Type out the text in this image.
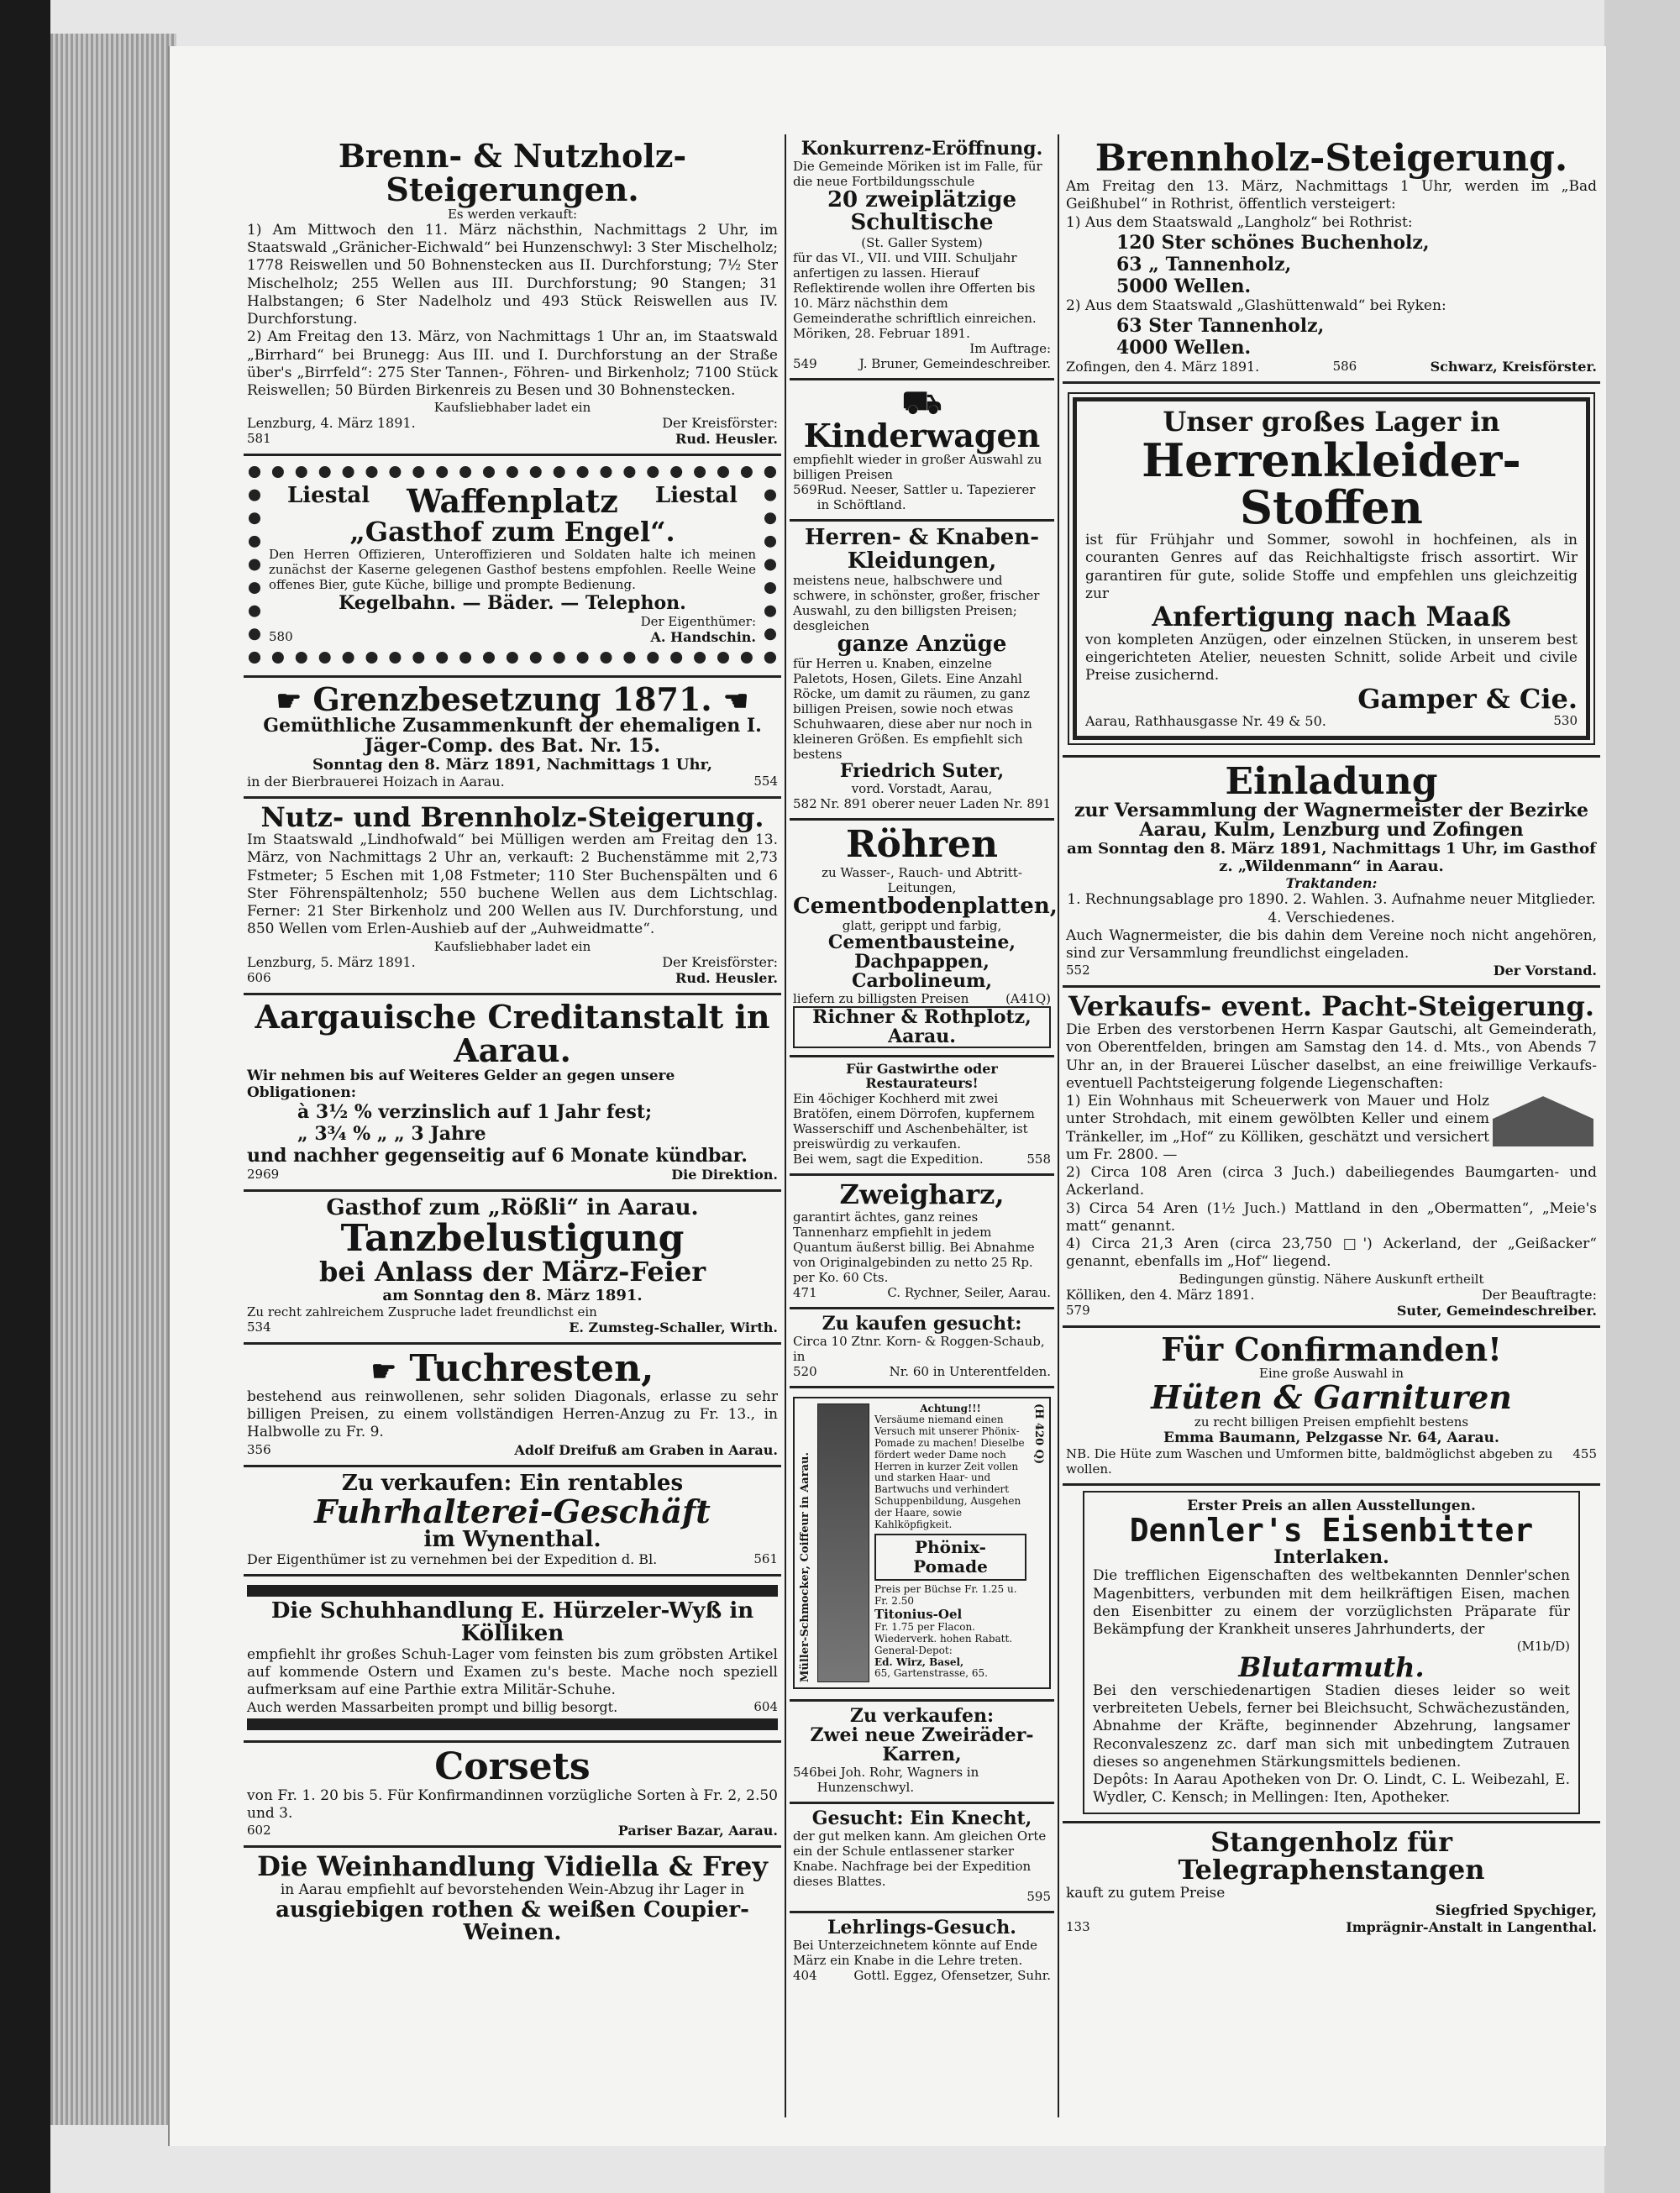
Brenn- & Nutzholz-Steigerungen.
Es werden verkauft:
1) Am Mittwoch den 11. März nächsthin, Nachmittags 2 Uhr, im Staatswald „Gränicher-Eichwald“ bei Hunzenschwyl: 3 Ster Mischelholz; 1778 Reiswellen und 50 Bohnenstecken aus II. Durchforstung; 7½ Ster Mischelholz; 255 Wellen aus III. Durchforstung; 90 Stangen; 31 Halbstangen; 6 Ster Nadelholz und 493 Stück Reiswellen aus IV. Durchforstung.
2) Am Freitag den 13. März, von Nachmittags 1 Uhr an, im Staatswald „Birrhard“ bei Brunegg: Aus III. und I. Durchforstung an der Straße über's „Birrfeld“: 275 Ster Tannen-, Föhren- und Birkenholz; 7100 Stück Reiswellen; 50 Bürden Birkenreis zu Besen und 30 Bohnenstecken.
Kaufsliebhaber ladet ein
Lenzburg, 4. März 1891.	Der Kreisförster:
581	Rud. Heusler.
Liestal Waffenplatz Liestal
„Gasthof zum Engel“.
Den Herren Offizieren, Unteroffizieren und Soldaten halte ich meinen zunächst der Kaserne gelegenen Gasthof bestens empfohlen. Reelle Weine offenes Bier, gute Küche, billige und prompte Bedienung.
Kegelbahn. — Bäder. — Telephon.
Der Eigenthümer:
580	A. Handschin.
☛ Grenzbesetzung 1871. ☚
Gemüthliche Zusammenkunft der ehemaligen I. Jäger-Comp. des Bat. Nr. 15.
Sonntag den 8. März 1891, Nachmittags 1 Uhr,
in der Bierbrauerei Hoizach in Aarau.	554
Nutz- und Brennholz-Steigerung.
Im Staatswald „Lindhofwald“ bei Mülligen werden am Freitag den 13. März, von Nachmittags 2 Uhr an, verkauft: 2 Buchenstämme mit 2,73 Fstmeter; 5 Eschen mit 1,08 Fstmeter; 110 Ster Buchenspälten und 6 Ster Föhrenspältenholz; 550 buchene Wellen aus dem Lichtschlag. Ferner: 21 Ster Birkenholz und 200 Wellen aus IV. Durchforstung, und 850 Wellen vom Erlen-Aushieb auf der „Auhweidmatte“.
Kaufsliebhaber ladet ein
Lenzburg, 5. März 1891.	Der Kreisförster:
606	Rud. Heusler.
Aargauische Creditanstalt in Aarau.
Wir nehmen bis auf Weiteres Gelder an gegen unsere Obligationen:
à 3½ % verzinslich auf 1 Jahr fest;
„ 3¾ % „ „ 3 Jahre
und nachher gegenseitig auf 6 Monate kündbar.
2969	Die Direktion.
Gasthof zum „Rößli“ in Aarau.
Tanzbelustigung
bei Anlass der März-Feier
am Sonntag den 8. März 1891.
Zu recht zahlreichem Zuspruche ladet freundlichst ein
534	E. Zumsteg-Schaller, Wirth.
☛ Tuchresten,
bestehend aus reinwollenen, sehr soliden Diagonals, erlasse zu sehr billigen Preisen, zu einem vollständigen Herren-Anzug zu Fr. 13., in Halbwolle zu Fr. 9.
356	Adolf Dreifuß am Graben in Aarau.
Zu verkaufen: Ein rentables
Fuhrhalterei-Geschäft
im Wynenthal.
Der Eigenthümer ist zu vernehmen bei der Expedition d. Bl.	561
Die Schuhhandlung E. Hürzeler-Wyß in Kölliken
empfiehlt ihr großes Schuh-Lager vom feinsten bis zum gröbsten Artikel auf kommende Ostern und Examen zu's beste. Mache noch speziell aufmerksam auf eine Parthie extra Militär-Schuhe.
Auch werden Massarbeiten prompt und billig besorgt.	604
Corsets
von Fr. 1. 20 bis 5. Für Konfirmandinnen vorzügliche Sorten à Fr. 2, 2.50 und 3.
602	Pariser Bazar, Aarau.
Die Weinhandlung Vidiella & Frey
in Aarau empfiehlt auf bevorstehenden Wein-Abzug ihr Lager in
ausgiebigen rothen & weißen Coupier-Weinen.
Konkurrenz-Eröffnung.
Die Gemeinde Möriken ist im Falle, für die neue Fortbildungsschule
20 zweiplätzige Schultische
(St. Galler System)
für das VI., VII. und VIII. Schuljahr anfertigen zu lassen. Hierauf Reflektirende wollen ihre Offerten bis 10. März nächsthin dem Gemeinderathe schriftlich einreichen.
Möriken, 28. Februar 1891.
Im Auftrage:
549	J. Bruner, Gemeindeschreiber.
⛟ Kinderwagen
empfiehlt wieder in großer Auswahl zu billigen Preisen
569 Rud. Neeser, Sattler u. Tapezierer in Schöftland.
Herren- & Knaben-Kleidungen,
meistens neue, halbschwere und schwere, in schönster, großer, frischer Auswahl, zu den billigsten Preisen; desgleichen
ganze Anzüge
für Herren u. Knaben, einzelne Paletots, Hosen, Gilets. Eine Anzahl Röcke, um damit zu räumen, zu ganz billigen Preisen, sowie noch etwas Schuhwaaren, diese aber nur noch in kleineren Größen. Es empfiehlt sich bestens
Friedrich Suter,
vord. Vorstadt, Aarau,
582 Nr. 891 oberer neuer Laden Nr. 891
Röhren
zu Wasser-, Rauch- und Abtritt-Leitungen,
Cementbodenplatten,
glatt, gerippt und farbig,
Cementbausteine, Dachpappen, Carbolineum,
liefern zu billigsten Preisen	(A41Q)
Richner & Rothplotz, Aarau.
Für Gastwirthe oder Restaurateurs!
Ein 4öchiger Kochherd mit zwei Bratöfen, einem Dörrofen, kupfernem Wasserschiff und Aschenbehälter, ist preiswürdig zu verkaufen.
Bei wem, sagt die Expedition.	558
Zweigharz,
garantirt ächtes, ganz reines Tannenharz empfiehlt in jedem Quantum äußerst billig. Bei Abnahme von Originalgebinden zu netto 25 Rp. per Ko. 60 Cts.
471	C. Rychner, Seiler, Aarau.
Zu kaufen gesucht:
Circa 10 Ztnr. Korn- & Roggen-Schaub, in
520	Nr. 60 in Unterentfelden.
Müller-Schmocker, Coiffeur in Aarau.
Achtung!!!
Versäume niemand einen Versuch mit unserer Phönix-Pomade zu machen! Dieselbe fördert weder Dame noch Herren in kurzer Zeit vollen und starken Haar- und Bartwuchs und verhindert Schuppenbildung, Ausgehen der Haare, sowie Kahlköpfigkeit.
Phönix-Pomade
Preis per Büchse Fr. 1.25 u. Fr. 2.50
Titonius-Oel
Fr. 1.75 per Flacon.
Wiederverk. hohen Rabatt. General-Depot:
Ed. Wirz, Basel,
65, Gartenstrasse, 65.
(H 420 Q)
Zu verkaufen:
Zwei neue Zweiräder-Karren,
546 bei Joh. Rohr, Wagners in Hunzenschwyl.
Gesucht: Ein Knecht,
der gut melken kann. Am gleichen Orte ein der Schule entlassener starker Knabe. Nachfrage bei der Expedition dieses Blattes.
595
Lehrlings-Gesuch.
Bei Unterzeichnetem könnte auf Ende März ein Knabe in die Lehre treten.
404	Gottl. Eggez, Ofensetzer, Suhr.
Brennholz-Steigerung.
Am Freitag den 13. März, Nachmittags 1 Uhr, werden im „Bad Geißhubel“ in Rothrist, öffentlich versteigert:
1) Aus dem Staatswald „Langholz“ bei Rothrist:
120 Ster schönes Buchenholz,
63 „ Tannenholz,
5000 Wellen.
2) Aus dem Staatswald „Glashüttenwald“ bei Ryken:
63 Ster Tannenholz,
4000 Wellen.
Zofingen, den 4. März 1891.	586	Schwarz, Kreisförster.
Unser großes Lager in
Herrenkleider-Stoffen
ist für Frühjahr und Sommer, sowohl in hochfeinen, als in couranten Genres auf das Reichhaltigste frisch assortirt. Wir garantiren für gute, solide Stoffe und empfehlen uns gleichzeitig zur
Anfertigung nach Maaß
von kompleten Anzügen, oder einzelnen Stücken, in unserem best eingerichteten Atelier, neuesten Schnitt, solide Arbeit und civile Preise zusichernd.
Gamper & Cie.
Aarau, Rathhausgasse Nr. 49 & 50.	530
Einladung
zur Versammlung der Wagnermeister der Bezirke Aarau, Kulm, Lenzburg und Zofingen
am Sonntag den 8. März 1891, Nachmittags 1 Uhr, im Gasthof z. „Wildenmann“ in Aarau.
Traktanden:
1. Rechnungsablage pro 1890. 2. Wahlen. 3. Aufnahme neuer Mitglieder. 4. Verschiedenes.
Auch Wagnermeister, die bis dahin dem Vereine noch nicht angehören, sind zur Versammlung freundlichst eingeladen.
552	Der Vorstand.
Verkaufs- event. Pacht-Steigerung.
Die Erben des verstorbenen Herrn Kaspar Gautschi, alt Gemeinderath, von Oberentfelden, bringen am Samstag den 14. d. Mts., von Abends 7 Uhr an, in der Brauerei Lüscher daselbst, an eine freiwillige Verkaufs- eventuell Pachtsteigerung folgende Liegenschaften:
1) Ein Wohnhaus mit Scheuerwerk von Mauer und Holz unter Strohdach, mit einem gewölbten Keller und einem Tränkeller, im „Hof“ zu Kölliken, geschätzt und versichert um Fr. 2800. —
2) Circa 108 Aren (circa 3 Juch.) dabeiliegendes Baumgarten- und Ackerland.
3) Circa 54 Aren (1½ Juch.) Mattland in den „Obermatten“, „Meie's matt“ genannt.
4) Circa 21,3 Aren (circa 23,750 □') Ackerland, der „Geißacker“ genannt, ebenfalls im „Hof“ liegend.
Bedingungen günstig. Nähere Auskunft ertheilt
Kölliken, den 4. März 1891.	Der Beauftragte:
579	Suter, Gemeindeschreiber.
Für Confirmanden!
Eine große Auswahl in
Hüten & Garnituren
zu recht billigen Preisen empfiehlt bestens
Emma Baumann, Pelzgasse Nr. 64, Aarau.
NB. Die Hüte zum Waschen und Umformen bitte, baldmöglichst abgeben zu wollen.
455
Erster Preis an allen Ausstellungen.
Dennler's Eisenbitter
Interlaken.
Die trefflichen Eigenschaften des weltbekannten Dennler'schen Magenbitters, verbunden mit dem heilkräftigen Eisen, machen den Eisenbitter zu einem der vorzüglichsten Präparate für Bekämpfung der Krankheit unseres Jahrhunderts, der
(M1b/D)
Blutarmuth.
Bei den verschiedenartigen Stadien dieses leider so weit verbreiteten Uebels, ferner bei Bleichsucht, Schwächezuständen, Abnahme der Kräfte, beginnender Abzehrung, langsamer Reconvaleszenz zc. darf man sich mit unbedingtem Zutrauen dieses so angenehmen Stärkungsmittels bedienen.
Depôts: In Aarau Apotheken von Dr. O. Lindt, C. L. Weibezahl, E. Wydler, C. Kensch; in Mellingen: Iten, Apotheker.
Stangenholz für Telegraphenstangen
kauft zu gutem Preise
Siegfried Spychiger,
133	Imprägnir-Anstalt in Langenthal.
